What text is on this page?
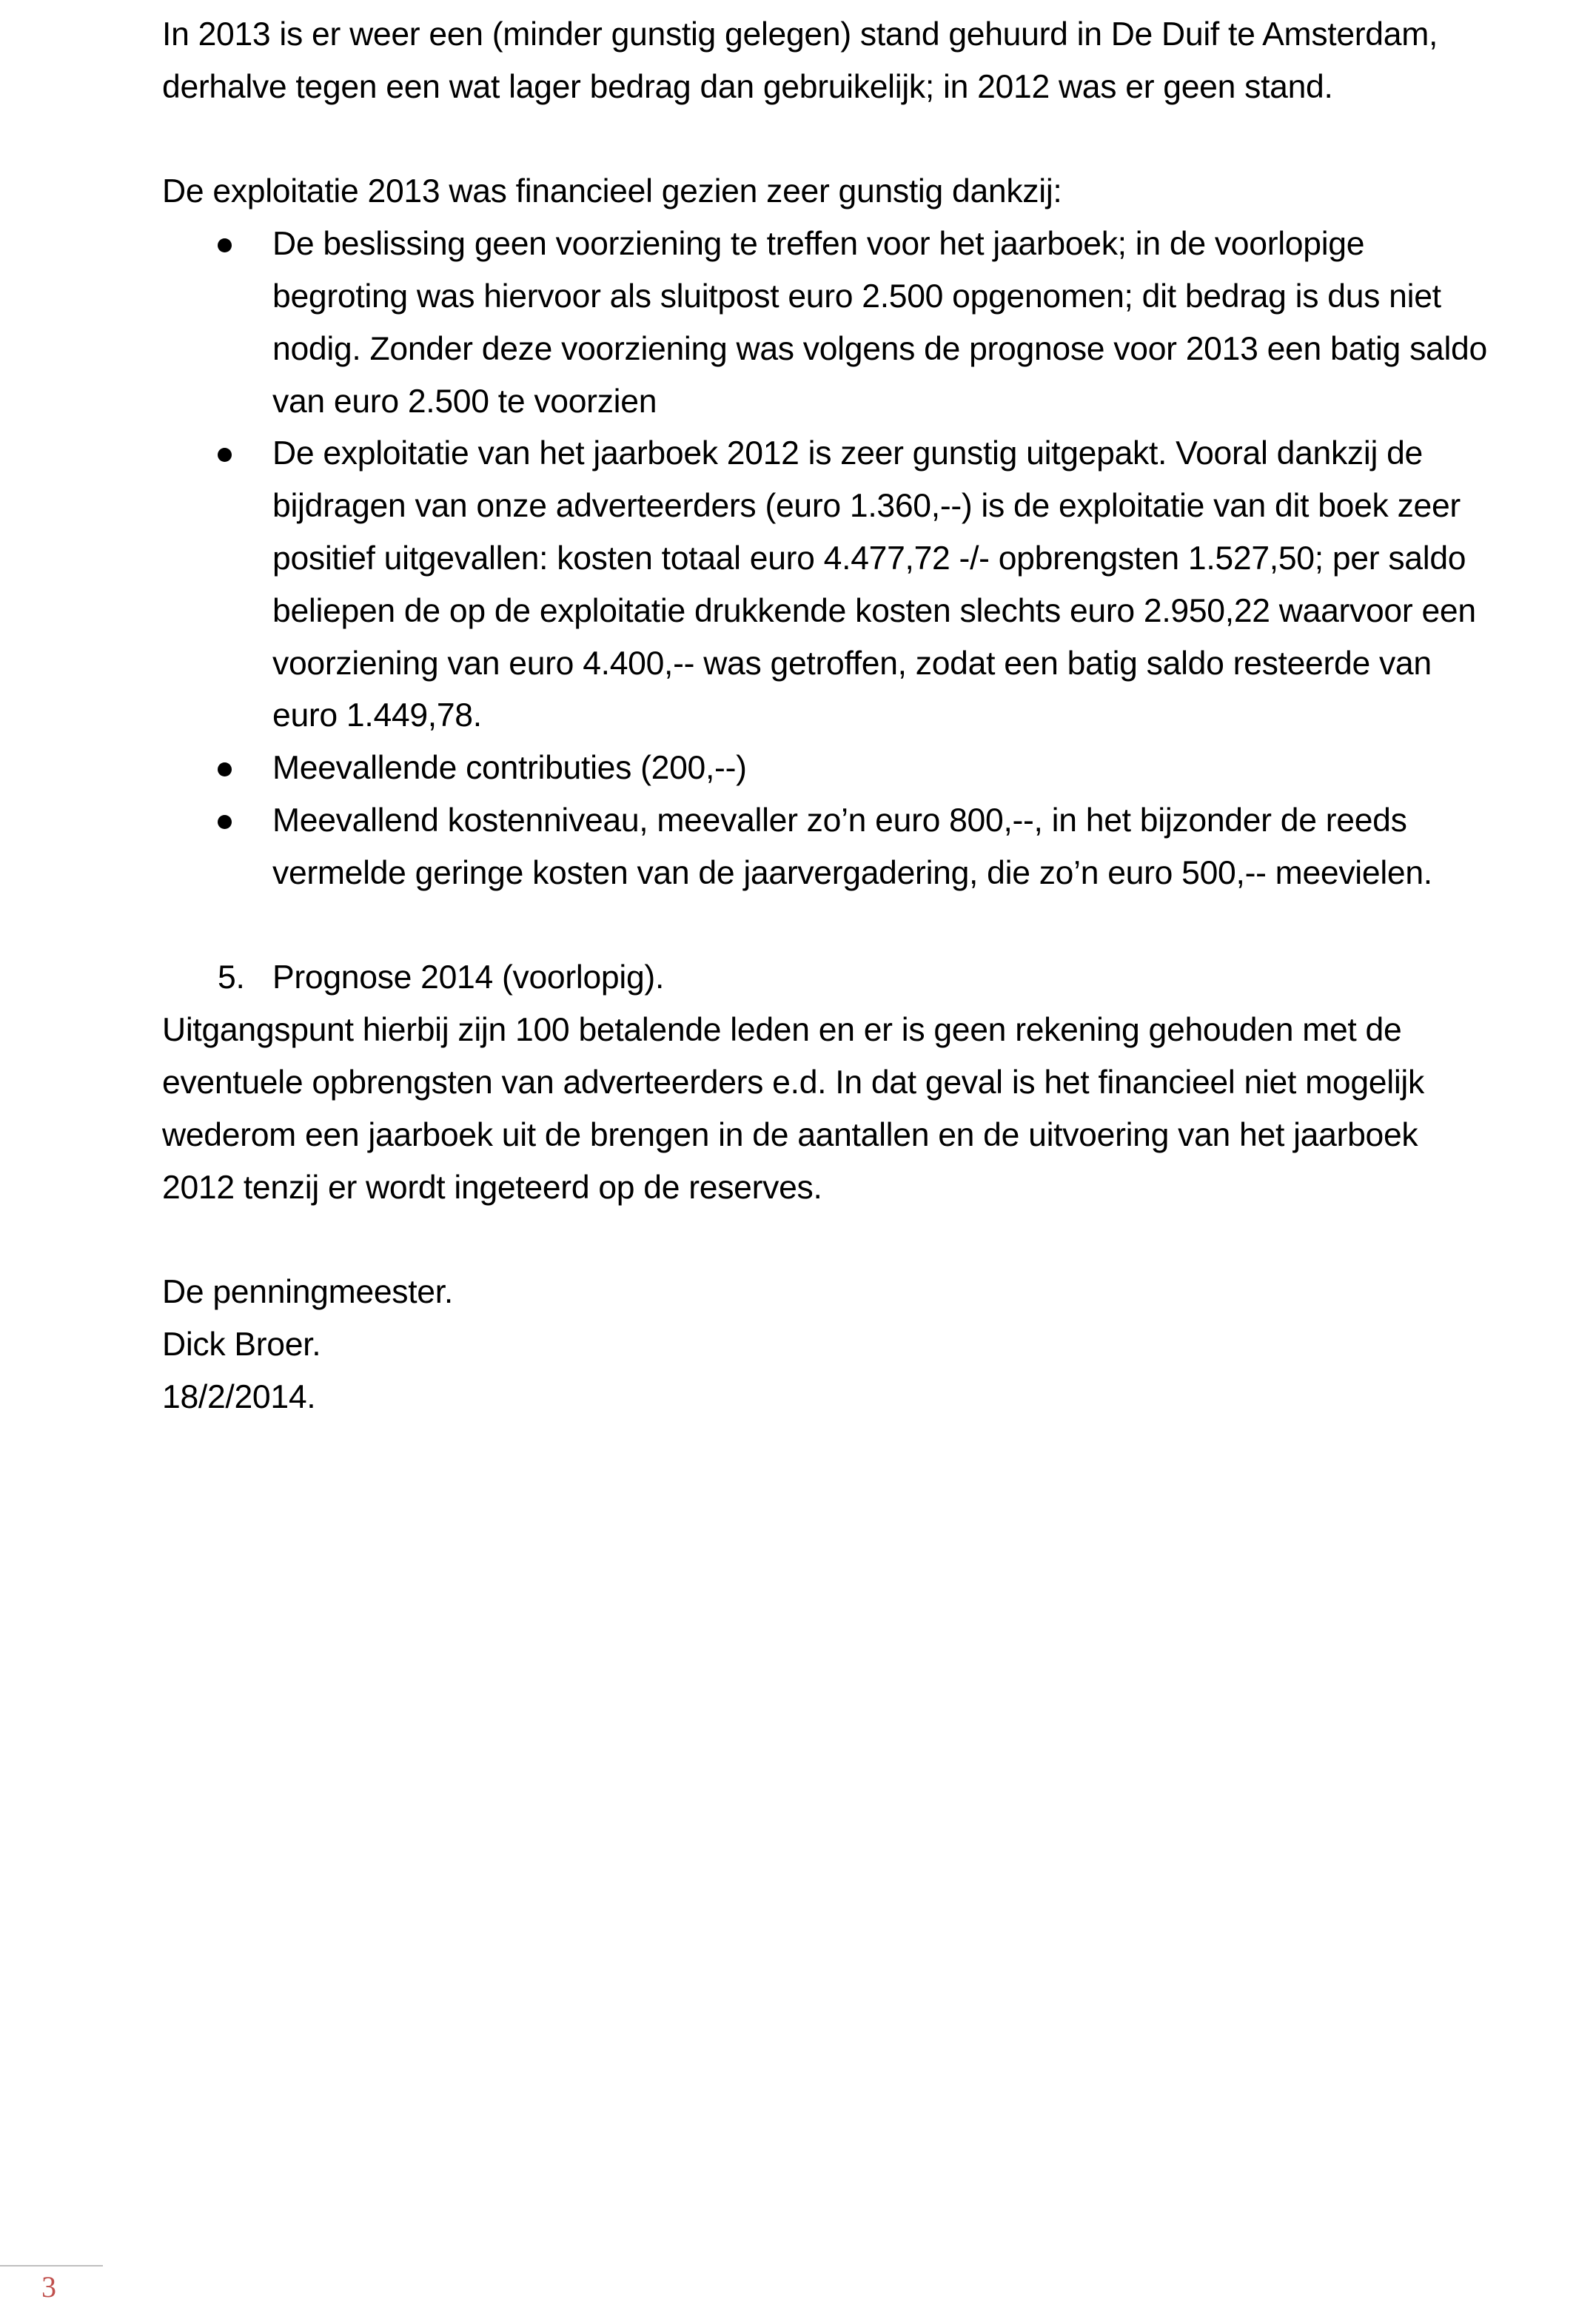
In 2013 is er weer een (minder gunstig gelegen) stand gehuurd in De Duif te Amsterdam,
derhalve tegen een wat lager bedrag dan gebruikelijk; in 2012 was er geen stand.

De exploitatie 2013 was financieel gezien zeer gunstig dankzij:

De beslissing geen voorziening te treffen voor het jaarboek; in de voorlopige
begroting was hiervoor als sluitpost euro 2.500 opgenomen; dit bedrag is dus niet
nodig. Zonder deze voorziening was volgens de prognose voor 2013 een batig saldo
van euro 2.500 te voorzien
De exploitatie van het jaarboek 2012 is zeer gunstig uitgepakt. Vooral dankzij de
bijdragen van onze adverteerders (euro 1.360,--) is de exploitatie van dit boek zeer
positief uitgevallen: kosten totaal euro 4.477,72 -/- opbrengsten 1.527,50; per saldo
beliepen de op de exploitatie drukkende kosten slechts euro 2.950,22 waarvoor een
voorziening van euro 4.400,-- was getroffen, zodat een batig saldo resteerde van
euro 1.449,78.
Meevallende contributies (200,--)
Meevallend kostenniveau, meevaller zo’n euro 800,--, in het bijzonder de reeds
vermelde geringe kosten van de jaarvergadering, die zo’n euro 500,-- meevielen.

5. Prognose 2014 (voorlopig).

Uitgangspunt hierbij zijn 100 betalende leden en er is geen rekening gehouden met de
eventuele opbrengsten van adverteerders e.d. In dat geval is het financieel niet mogelijk
wederom een jaarboek uit de brengen in de aantallen en de uitvoering van het jaarboek
2012 tenzij er wordt ingeteerd op de reserves.

De penningmeester.
Dick Broer.
18/2/2014.

3
